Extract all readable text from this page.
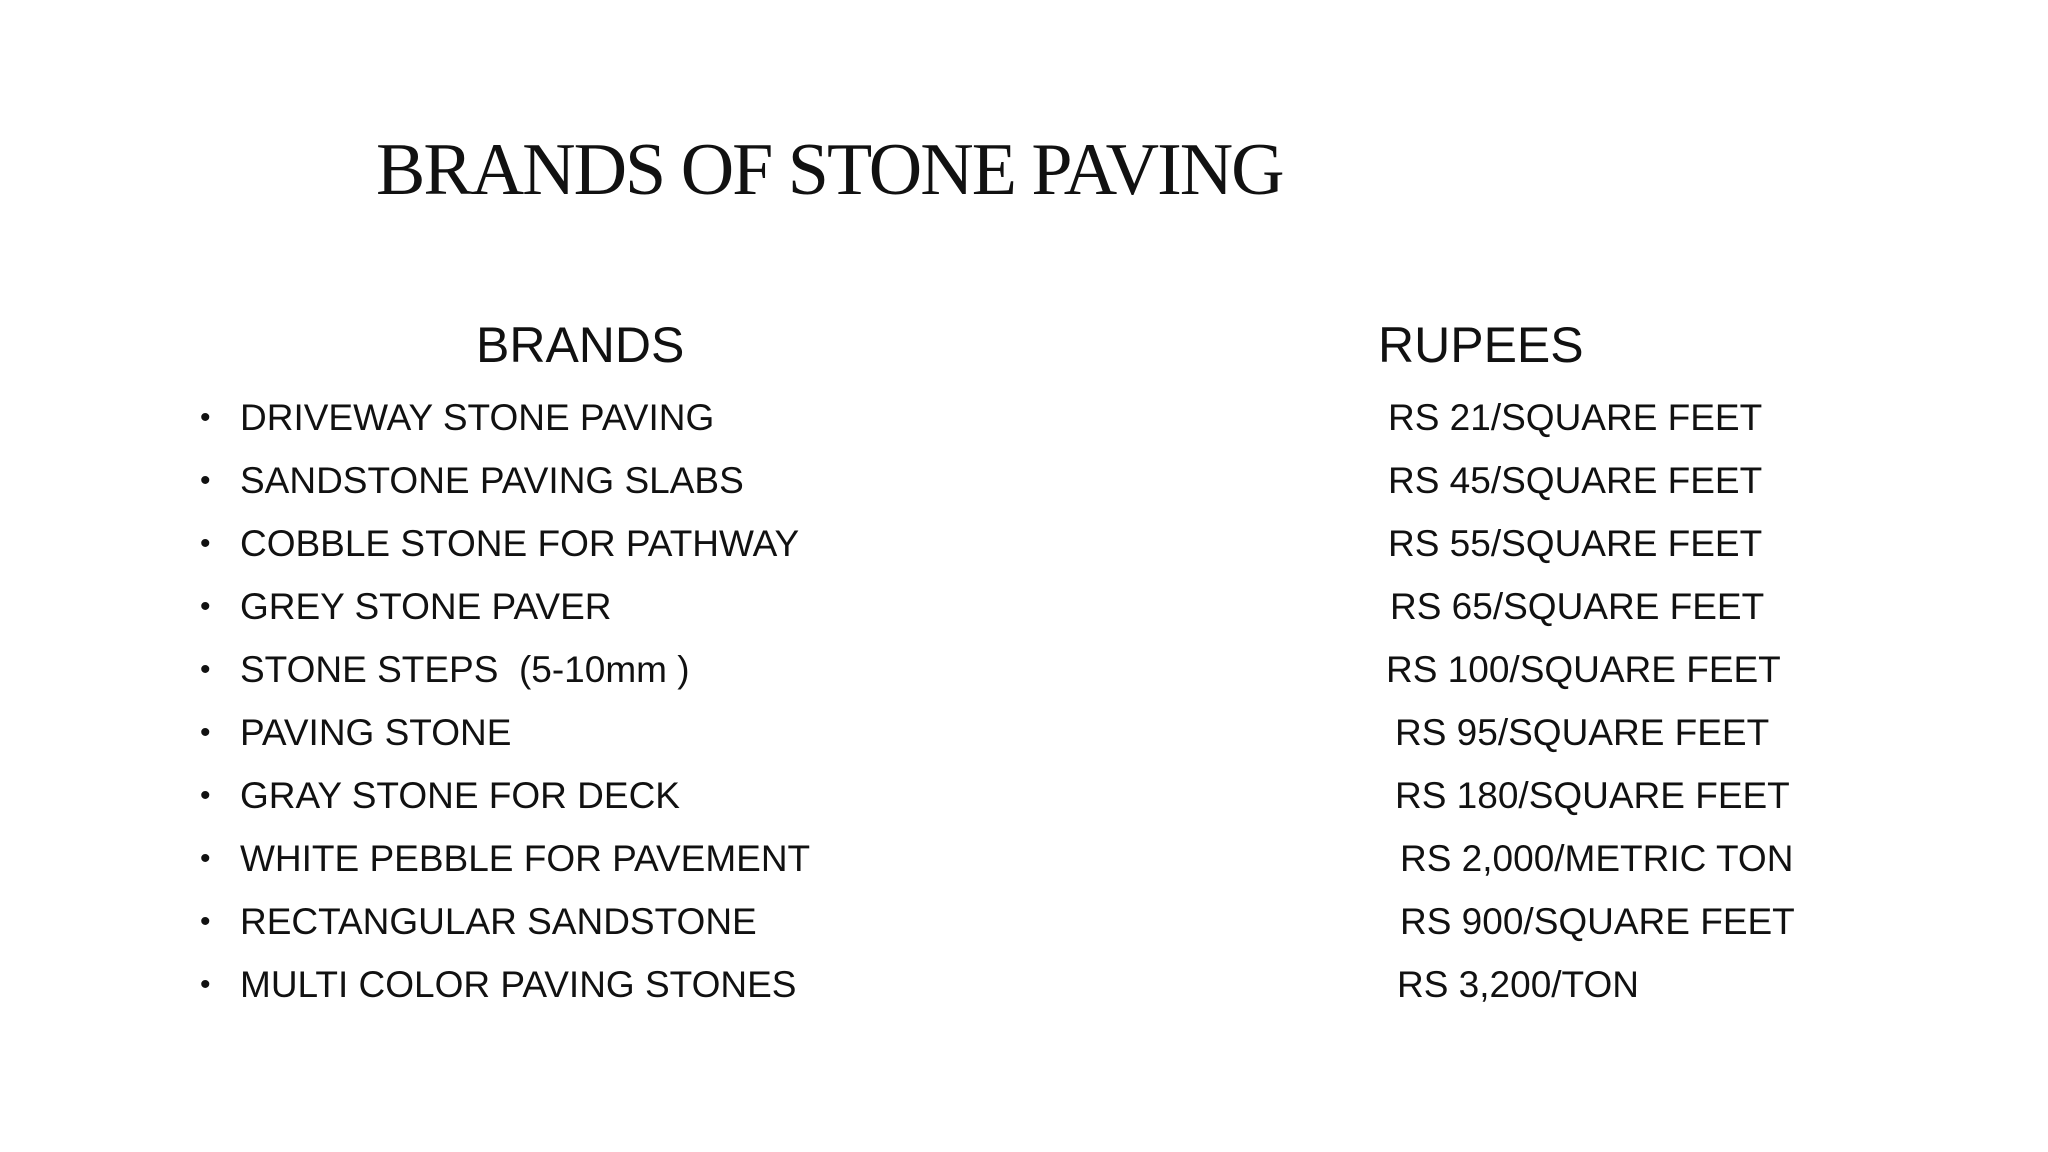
BRANDS OF STONE PAVING
BRANDS	RUPEES
• DRIVEWAY STONE PAVING	RS 21/SQUARE FEET
• SANDSTONE PAVING SLABS	RS 45/SQUARE FEET
• COBBLE STONE FOR PATHWAY	RS 55/SQUARE FEET
• GREY STONE PAVER	RS 65/SQUARE FEET
• STONE STEPS  (5-10mm )	RS 100/SQUARE FEET
• PAVING STONE	RS 95/SQUARE FEET
• GRAY STONE FOR DECK	RS 180/SQUARE FEET
• WHITE PEBBLE FOR PAVEMENT	RS 2,000/METRIC TON
• RECTANGULAR SANDSTONE	RS 900/SQUARE FEET
• MULTI COLOR PAVING STONES	RS 3,200/TON
